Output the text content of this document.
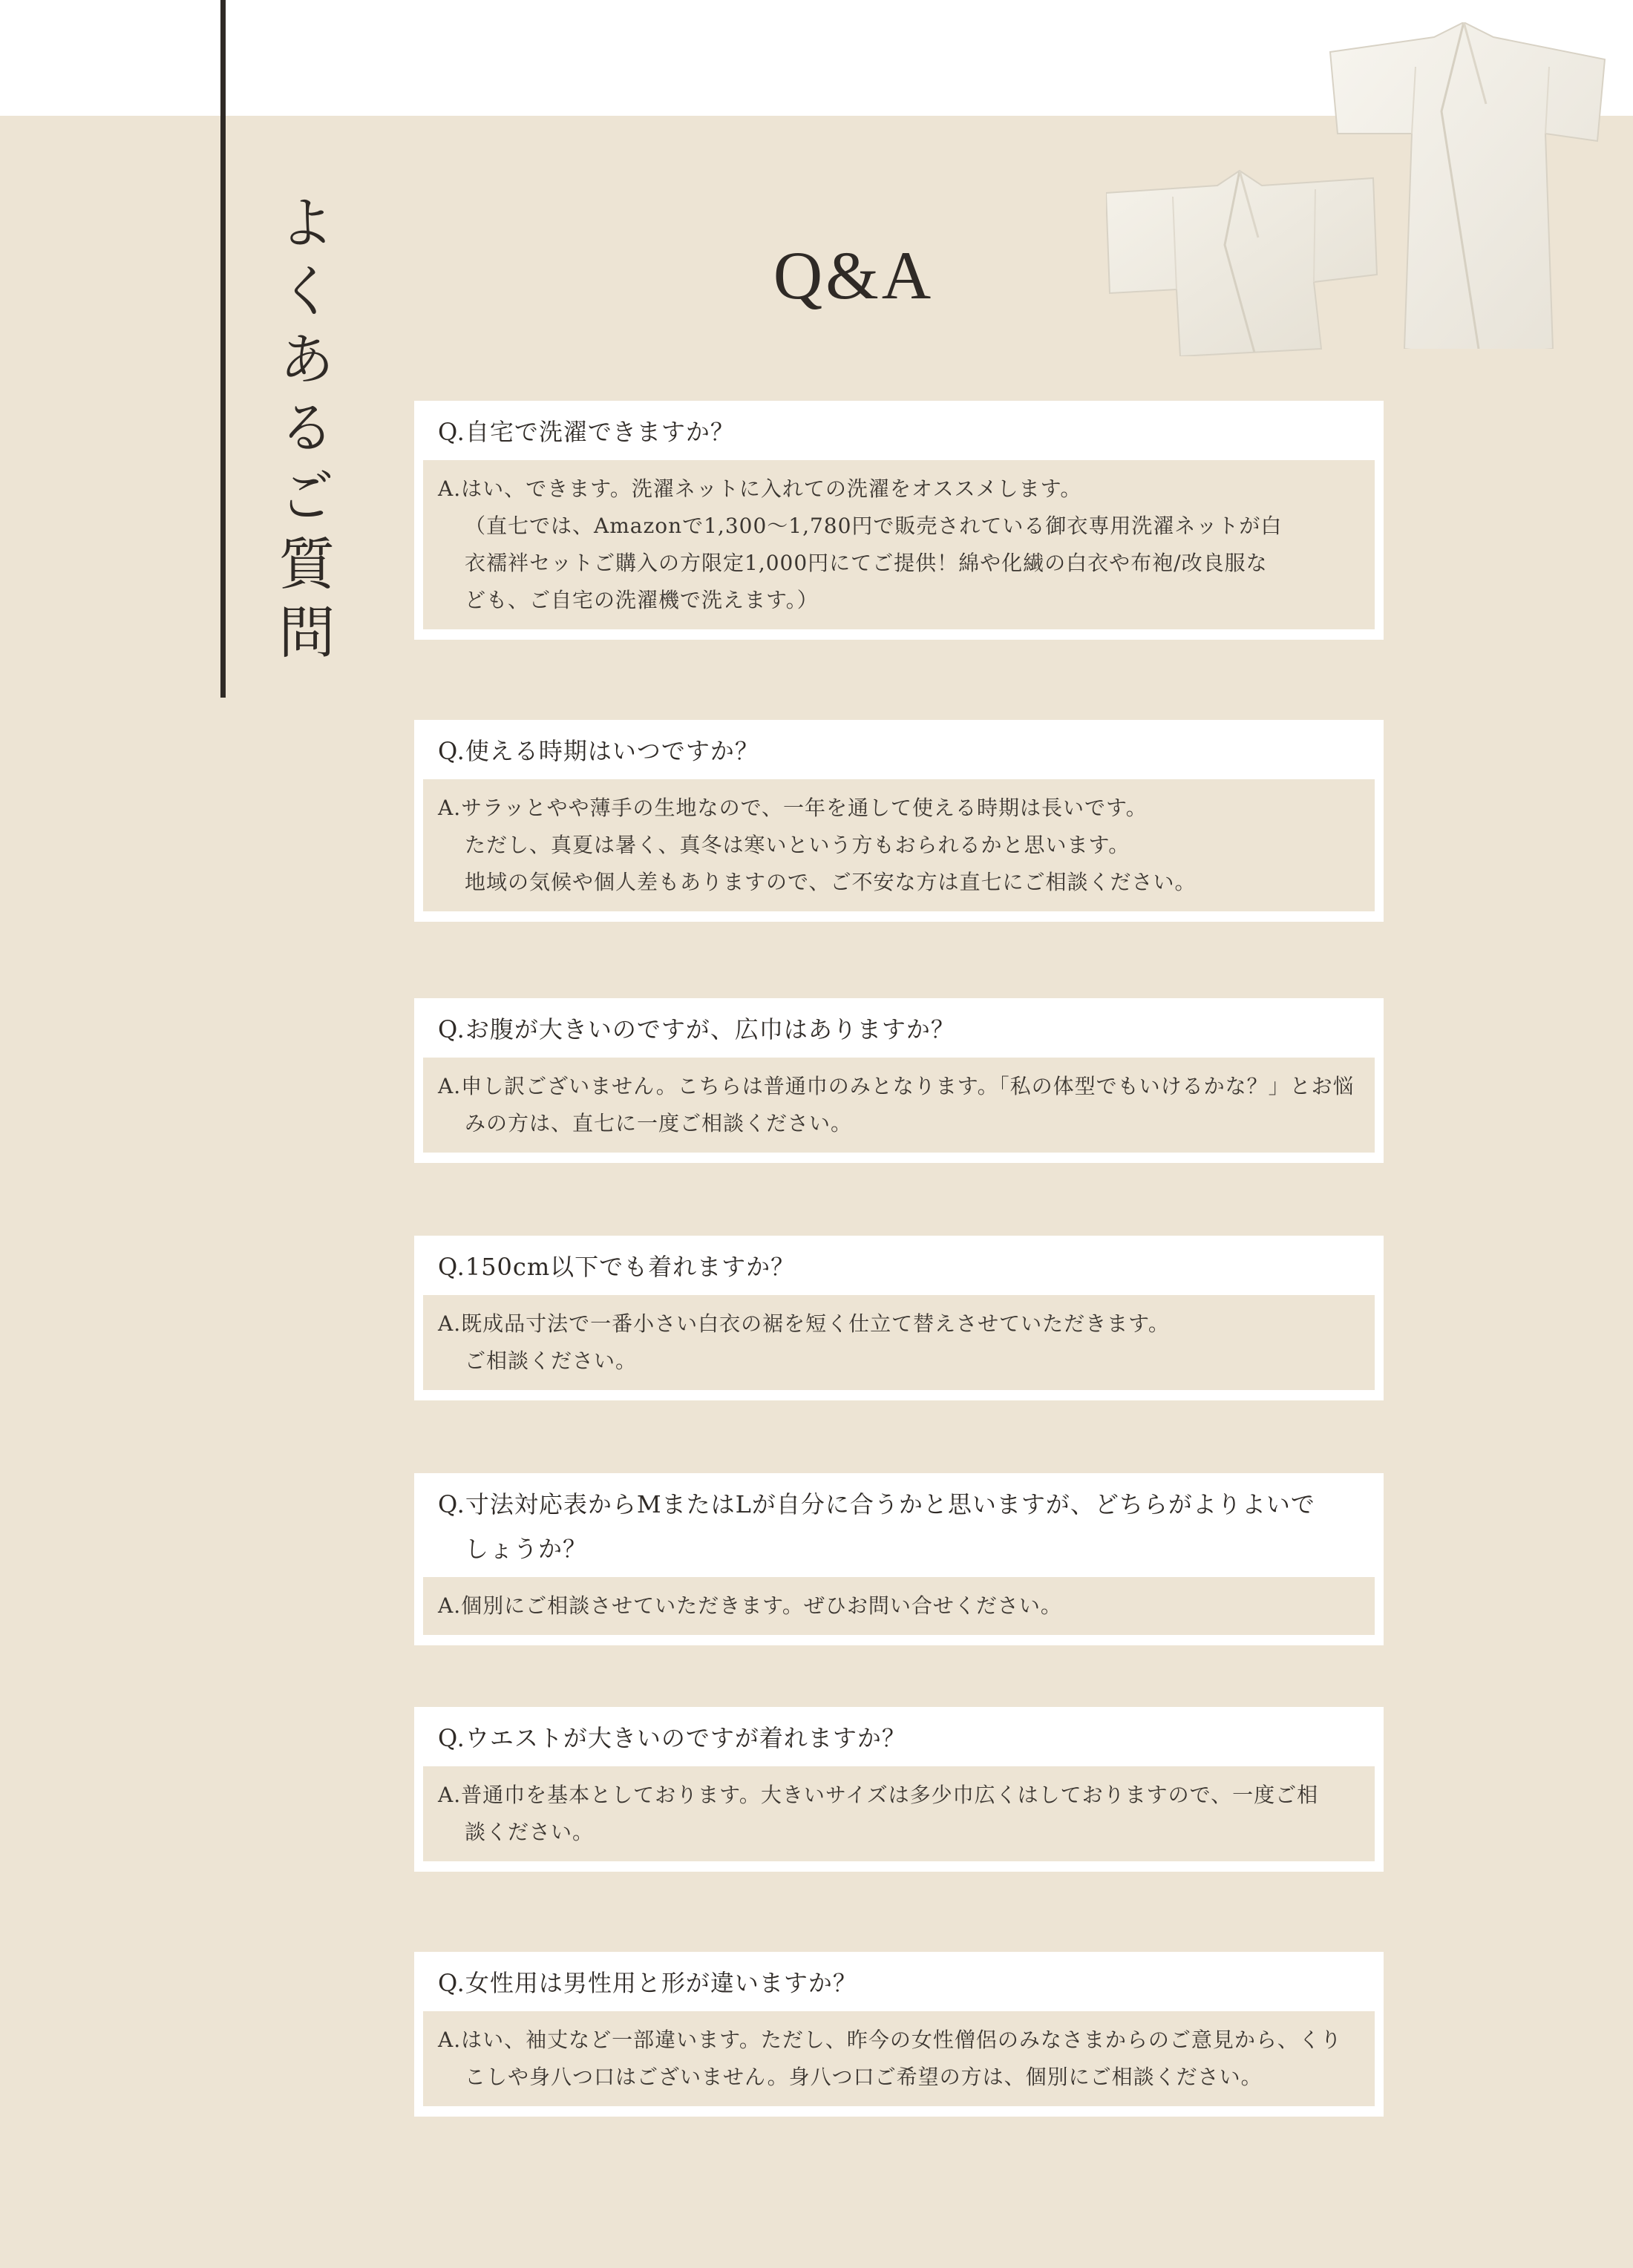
よくあるご質問	Q&A
Q.自宅で洗濯できますか？
A.はい、できます。洗濯ネットに入れての洗濯をオススメします。
（直七では、Amazonで1,300〜1,780円で販売されている御衣専用洗濯ネットが白
衣襦袢セットご購入の方限定1,000円にてご提供！綿や化繊の白衣や布袍/改良服な
ども、ご自宅の洗濯機で洗えます。）
Q.使える時期はいつですか？
A.サラッとやや薄手の生地なので、一年を通して使える時期は長いです。
ただし、真夏は暑く、真冬は寒いという方もおられるかと思います。
地域の気候や個人差もありますので、ご不安な方は直七にご相談ください。
Q.お腹が大きいのですが、広巾はありますか？
A.申し訳ございません。こちらは普通巾のみとなります。「私の体型でもいけるかな？」とお悩
みの方は、直七に一度ご相談ください。
Q.150cm以下でも着れますか？
A.既成品寸法で一番小さい白衣の裾を短く仕立て替えさせていただきます。
ご相談ください。
Q.寸法対応表からMまたはLが自分に合うかと思いますが、どちらがよりよいで
しょうか？
A.個別にご相談させていただきます。ぜひお問い合せください。
Q.ウエストが大きいのですが着れますか？
A.普通巾を基本としております。大きいサイズは多少巾広くはしておりますので、一度ご相
談ください。
Q.女性用は男性用と形が違いますか？
A.はい、袖丈など一部違います。ただし、昨今の女性僧侶のみなさまからのご意見から、くり
こしや身八つ口はございません。身八つ口ご希望の方は、個別にご相談ください。
